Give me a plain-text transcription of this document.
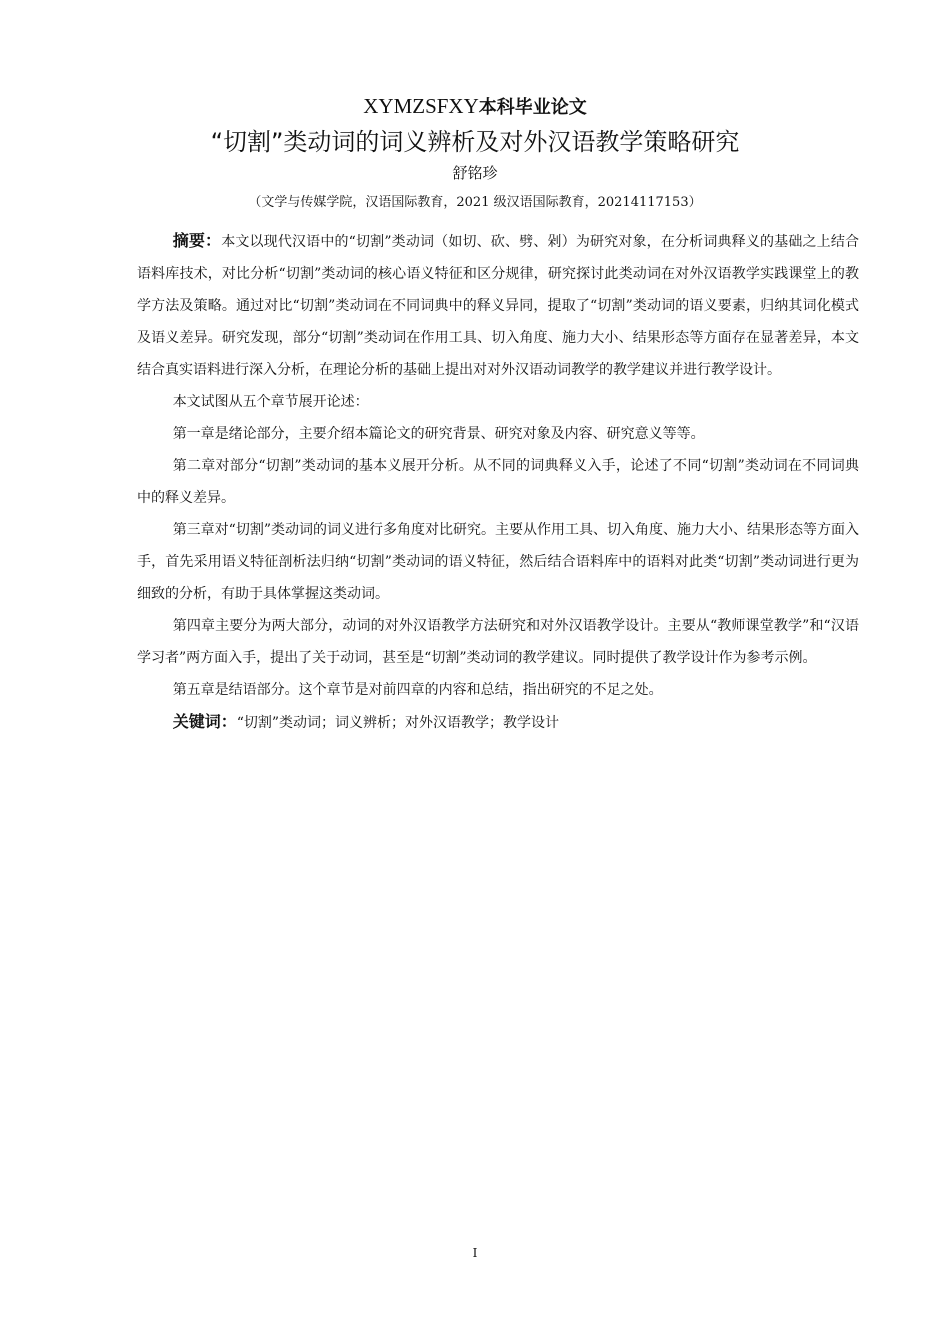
XYMZSFXY本科毕业论文
“切割”类动词的词义辨析及对外汉语教学策略研究
舒铭珍
（文学与传媒学院，汉语国际教育，2021 级汉语国际教育，20214117153）

摘要：本文以现代汉语中的“切割”类动词（如切、砍、劈、剁）为研究对象，在分析词典释义的基础之上结合语料库技术，对比分析“切割”类动词的核心语义特征和区分规律，研究探讨此类动词在对外汉语教学实践课堂上的教学方法及策略。通过对比“切割”类动词在不同词典中的释义异同，提取了“切割”类动词的语义要素，归纳其词化模式及语义差异。研究发现，部分“切割”类动词在作用工具、切入角度、施力大小、结果形态等方面存在显著差异，本文结合真实语料进行深入分析，在理论分析的基础上提出对对外汉语动词教学的教学建议并进行教学设计。

本文试图从五个章节展开论述：

第一章是绪论部分，主要介绍本篇论文的研究背景、研究对象及内容、研究意义等等。

第二章对部分“切割”类动词的基本义展开分析。从不同的词典释义入手，论述了不同“切割”类动词在不同词典中的释义差异。

第三章对“切割”类动词的词义进行多角度对比研究。主要从作用工具、切入角度、施力大小、结果形态等方面入手，首先采用语义特征剖析法归纳“切割”类动词的语义特征，然后结合语料库中的语料对此类“切割”类动词进行更为细致的分析，有助于具体掌握这类动词。

第四章主要分为两大部分，动词的对外汉语教学方法研究和对外汉语教学设计。主要从“教师课堂教学”和“汉语学习者”两方面入手，提出了关于动词，甚至是“切割”类动词的教学建议。同时提供了教学设计作为参考示例。

第五章是结语部分。这个章节是对前四章的内容和总结，指出研究的不足之处。

关键词：“切割”类动词；词义辨析；对外汉语教学；教学设计

I
